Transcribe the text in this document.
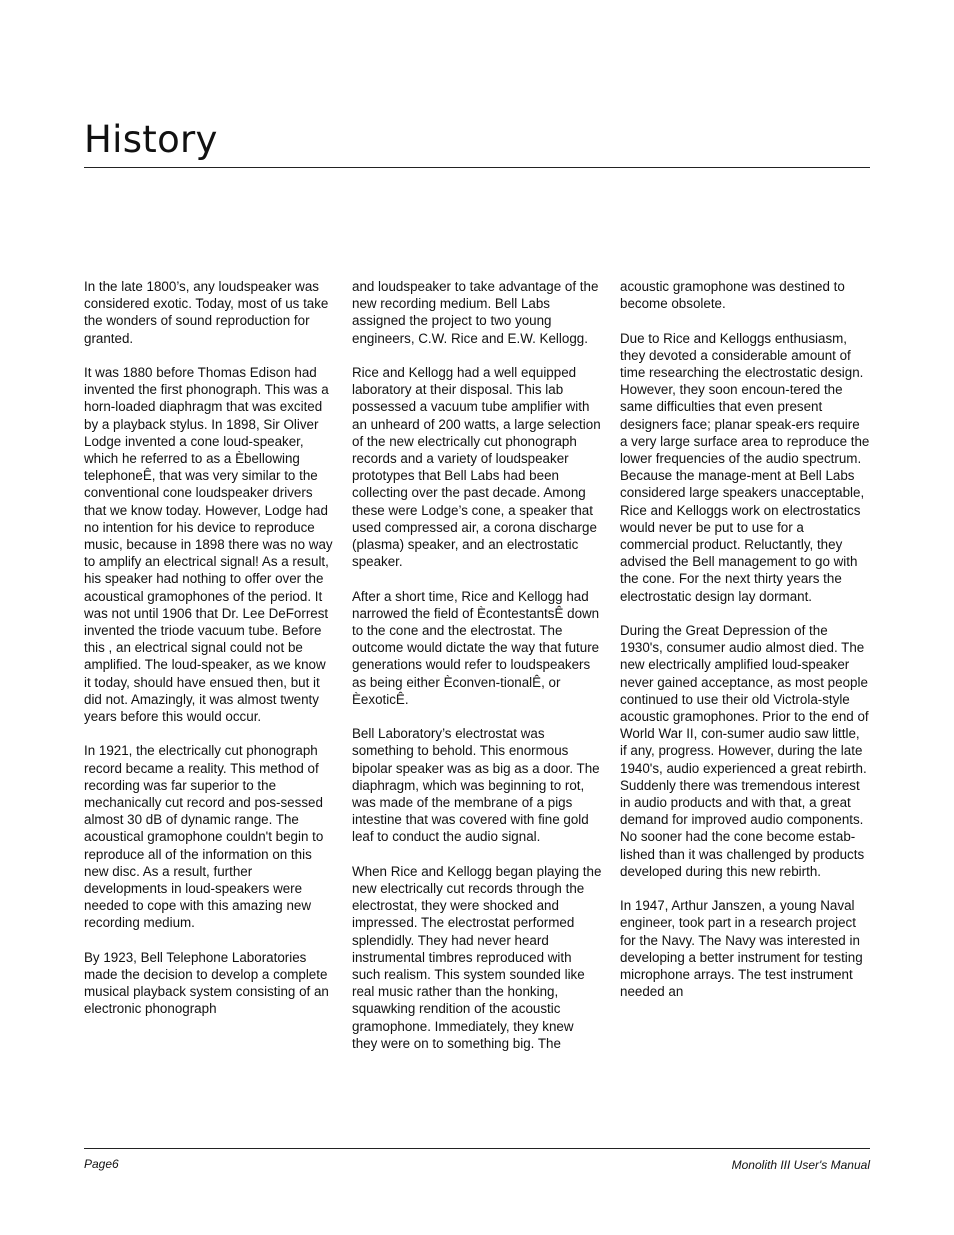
History

In the late 1800’s, any loudspeaker was considered exotic. Today, most of us take the wonders of sound reproduction for granted.

It was 1880 before Thomas Edison had invented the first phonograph. This was a horn-loaded diaphragm that was excited by a playback stylus. In 1898, Sir Oliver Lodge invented a cone loud-speaker, which he referred to as a Èbellowing telephoneÊ, that was very similar to the conventional cone loudspeaker drivers that we know today. However, Lodge had no intention for his device to reproduce music, because in 1898 there was no way to amplify an electrical signal! As a result, his speaker had nothing to offer over the acoustical gramophones of the period. It was not until 1906 that Dr. Lee DeForrest invented the triode vacuum tube. Before this , an electrical signal could not be amplified. The loud-speaker, as we know it today, should have ensued then, but it did not. Amazingly, it was almost twenty years before this would occur.

In 1921, the electrically cut phonograph record became a reality. This method of recording was far superior to the mechanically cut record and pos-sessed almost 30 dB of dynamic range. The acoustical gramophone couldn't begin to reproduce all of the information on this new disc. As a result, further developments in loud-speakers were needed to cope with this amazing new recording medium.

By 1923, Bell Telephone Laboratories made the decision to develop a complete musical playback system consisting of an electronic phonograph

and loudspeaker to take advantage of the new recording medium. Bell Labs assigned the project to two young engineers, C.W. Rice and E.W. Kellogg.

Rice and Kellogg had a well equipped laboratory at their disposal. This lab possessed a vacuum tube amplifier with an unheard of 200 watts, a large selection of the new electrically cut phonograph records and a variety of loudspeaker prototypes that Bell Labs had been collecting over the past decade. Among these were Lodge’s cone, a speaker that used compressed air, a corona discharge (plasma) speaker, and an electrostatic speaker.

After a short time, Rice and Kellogg had narrowed the field of ÈcontestantsÊ down to the cone and the electrostat. The outcome would dictate the way that future generations would refer to loudspeakers as being either Èconven-tionalÊ, or ÈexoticÊ.

Bell Laboratory’s electrostat was something to behold. This enormous bipolar speaker was as big as a door. The diaphragm, which was beginning to rot, was made of the membrane of a pigs intestine that was covered with fine gold leaf to conduct the audio signal.

When Rice and Kellogg began playing the new electrically cut records through the electrostat, they were shocked and impressed. The electrostat performed splendidly. They had never heard instrumental timbres reproduced with such realism. This system sounded like real music rather than the honking, squawking rendition of the acoustic gramophone. Immediately, they knew they were on to something big. The

acoustic gramophone was destined to become obsolete.

Due to Rice and Kelloggs enthusiasm, they devoted a considerable amount of time researching the electrostatic design. However, they soon encoun-tered the same difficulties that even present designers face; planar speak-ers require a very large surface area to reproduce the lower frequencies of the audio spectrum. Because the manage-ment at Bell Labs considered large speakers unacceptable, Rice and Kelloggs work on electrostatics would never be put to use for a commercial product. Reluctantly, they advised the Bell management to go with the cone. For the next thirty years the electrostatic design lay dormant.

During the Great Depression of the 1930's, consumer audio almost died. The new electrically amplified loud-speaker never gained acceptance, as most people continued to use their old Victrola-style acoustic gramophones. Prior to the end of World War II, con-sumer audio saw little, if any, progress. However, during the late 1940's, audio experienced a great rebirth. Suddenly there was tremendous interest in audio products and with that, a great demand for improved audio components. No sooner had the cone become estab-lished than it was challenged by products developed during this new rebirth.

In 1947, Arthur Janszen, a young Naval engineer, took part in a research project for the Navy. The Navy was interested in developing a better instrument for testing microphone arrays. The test instrument needed an

Page6	Monolith III User's Manual
